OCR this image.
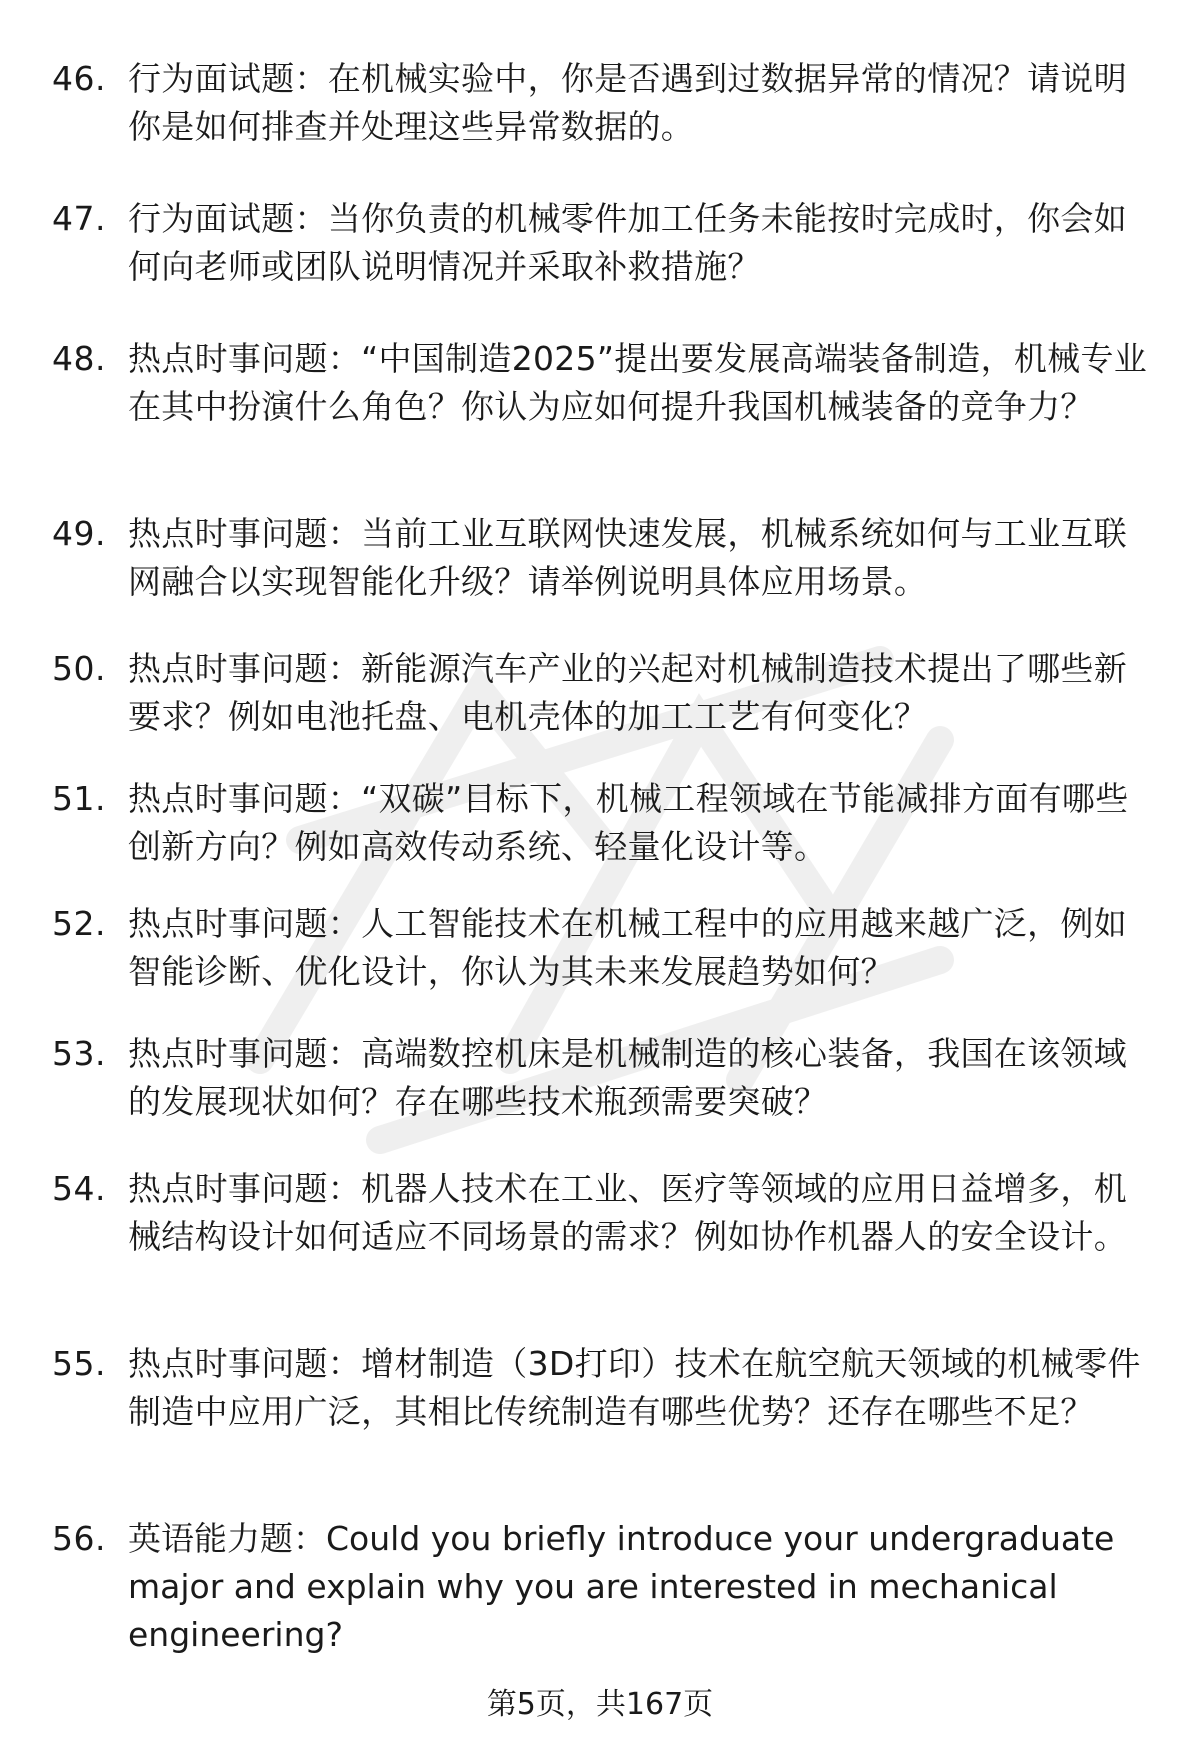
46. 行为面试题：在机械实验中，你是否遇到过数据异常的情况？请说明你是如何排查并处理这些异常数据的。
47. 行为面试题：当你负责的机械零件加工任务未能按时完成时，你会如何向老师或团队说明情况并采取补救措施？
48. 热点时事问题：“中国制造2025”提出要发展高端装备制造，机械专业在其中扮演什么角色？你认为应如何提升我国机械装备的竞争力？
49. 热点时事问题：当前工业互联网快速发展，机械系统如何与工业互联网融合以实现智能化升级？请举例说明具体应用场景。
50. 热点时事问题：新能源汽车产业的兴起对机械制造技术提出了哪些新要求？例如电池托盘、电机壳体的加工工艺有何变化？
51. 热点时事问题：“双碳”目标下，机械工程领域在节能减排方面有哪些创新方向？例如高效传动系统、轻量化设计等。
52. 热点时事问题：人工智能技术在机械工程中的应用越来越广泛，例如智能诊断、优化设计，你认为其未来发展趋势如何？
53. 热点时事问题：高端数控机床是机械制造的核心装备，我国在该领域的发展现状如何？存在哪些技术瓶颈需要突破？
54. 热点时事问题：机器人技术在工业、医疗等领域的应用日益增多，机械结构设计如何适应不同场景的需求？例如协作机器人的安全设计。
55. 热点时事问题：增材制造（3D打印）技术在航空航天领域的机械零件制造中应用广泛，其相比传统制造有哪些优势？还存在哪些不足？
56. 英语能力题：Could you briefly introduce your undergraduate major and explain why you are interested in mechanical engineering?
第5页，共167页
